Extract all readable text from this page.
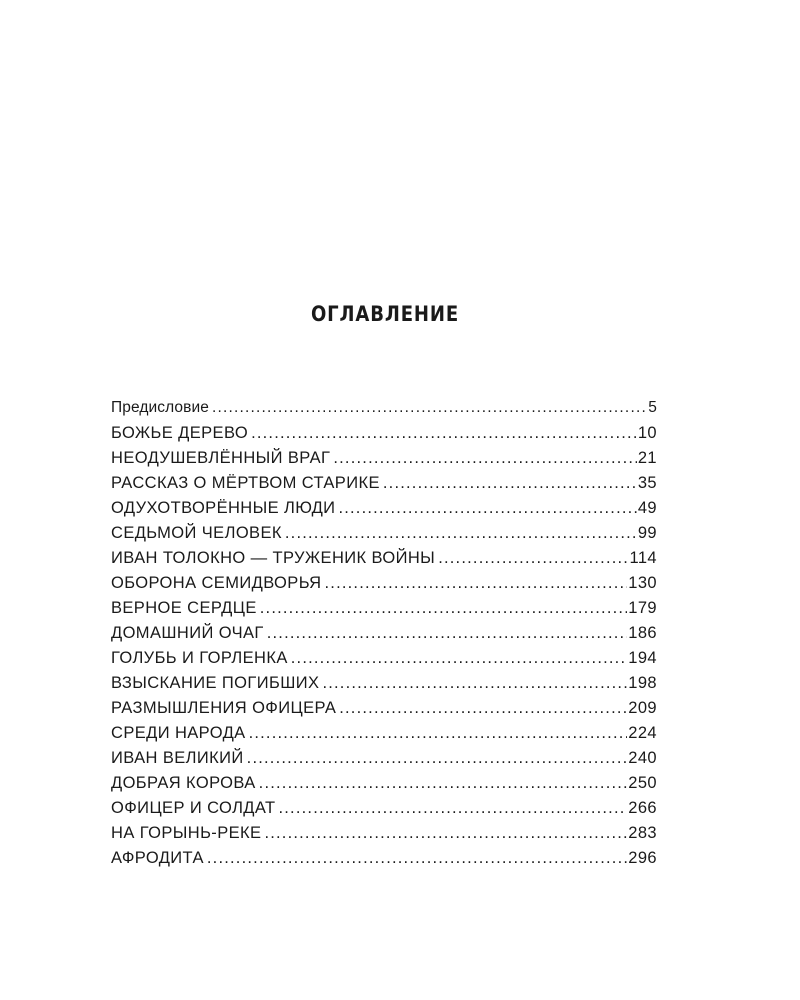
ОГЛАВЛЕНИЕ
Предисловие .....	5
БОЖЬЕ ДЕРЕВО .....	10
НЕОДУШЕВЛЁННЫЙ ВРАГ .....	21
РАССКАЗ О МЁРТВОМ СТАРИКЕ .....	35
ОДУХОТВОРЁННЫЕ ЛЮДИ .....	49
СЕДЬМОЙ ЧЕЛОВЕК .....	99
ИВАН ТОЛОКНО — ТРУЖЕНИК ВОЙНЫ .....	114
ОБОРОНА СЕМИДВОРЬЯ .....	130
ВЕРНОЕ СЕРДЦЕ .....	179
ДОМАШНИЙ ОЧАГ .....	186
ГОЛУБЬ И ГОРЛЕНКА .....	194
ВЗЫСКАНИЕ ПОГИБШИХ .....	198
РАЗМЫШЛЕНИЯ ОФИЦЕРА .....	209
СРЕДИ НАРОДА .....	224
ИВАН ВЕЛИКИЙ .....	240
ДОБРАЯ КОРОВА .....	250
ОФИЦЕР И СОЛДАТ .....	266
НА ГОРЫНЬ-РЕКЕ .....	283
АФРОДИТА .....	296
